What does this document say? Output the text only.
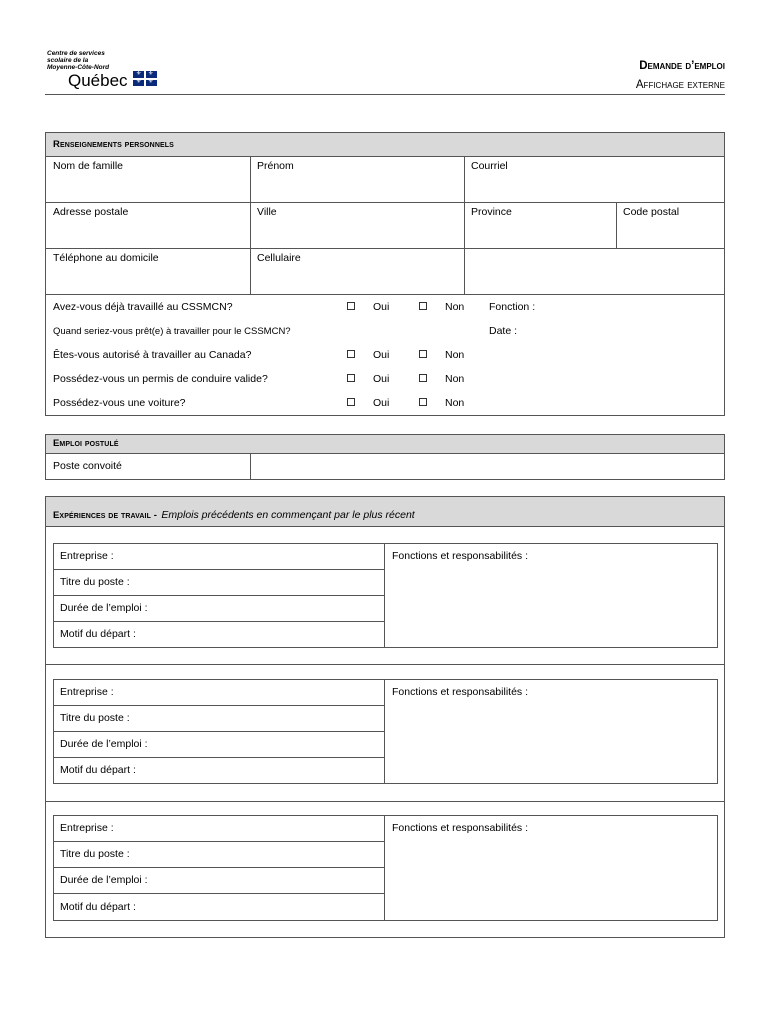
Centre de services
scolaire de la
Moyenne-Côte-Nord
Québec ⚜ ⚜
⚜ ⚜
Demande d’emploi
Affichage externe
Renseignements personnels
Nom de famille	Prénom	Courriel
Adresse postale	Ville	Province	Code postal
Téléphone au domicile	Cellulaire
Avez-vous déjà travaillé au CSSMCN?	Oui	Non Fonction :
Quand seriez-vous prêt(e) à travailler pour le CSSMCN?	Date :
Êtes-vous autorisé à travailler au Canada?	Oui	Non
Possédez-vous un permis de conduire valide?	Oui	Non
Possédez-vous une voiture?	Oui	Non
Emploi postulé
Poste convoité
Expériences de travail - Emplois précédents en commençant par le plus récent
Entreprise :
Titre du poste :
Durée de l’emploi :
Motif du départ :
Fonctions et responsabilités :
Entreprise :
Titre du poste :
Durée de l’emploi :
Motif du départ :
Fonctions et responsabilités :
Entreprise :
Titre du poste :
Durée de l’emploi :
Motif du départ :
Fonctions et responsabilités :
